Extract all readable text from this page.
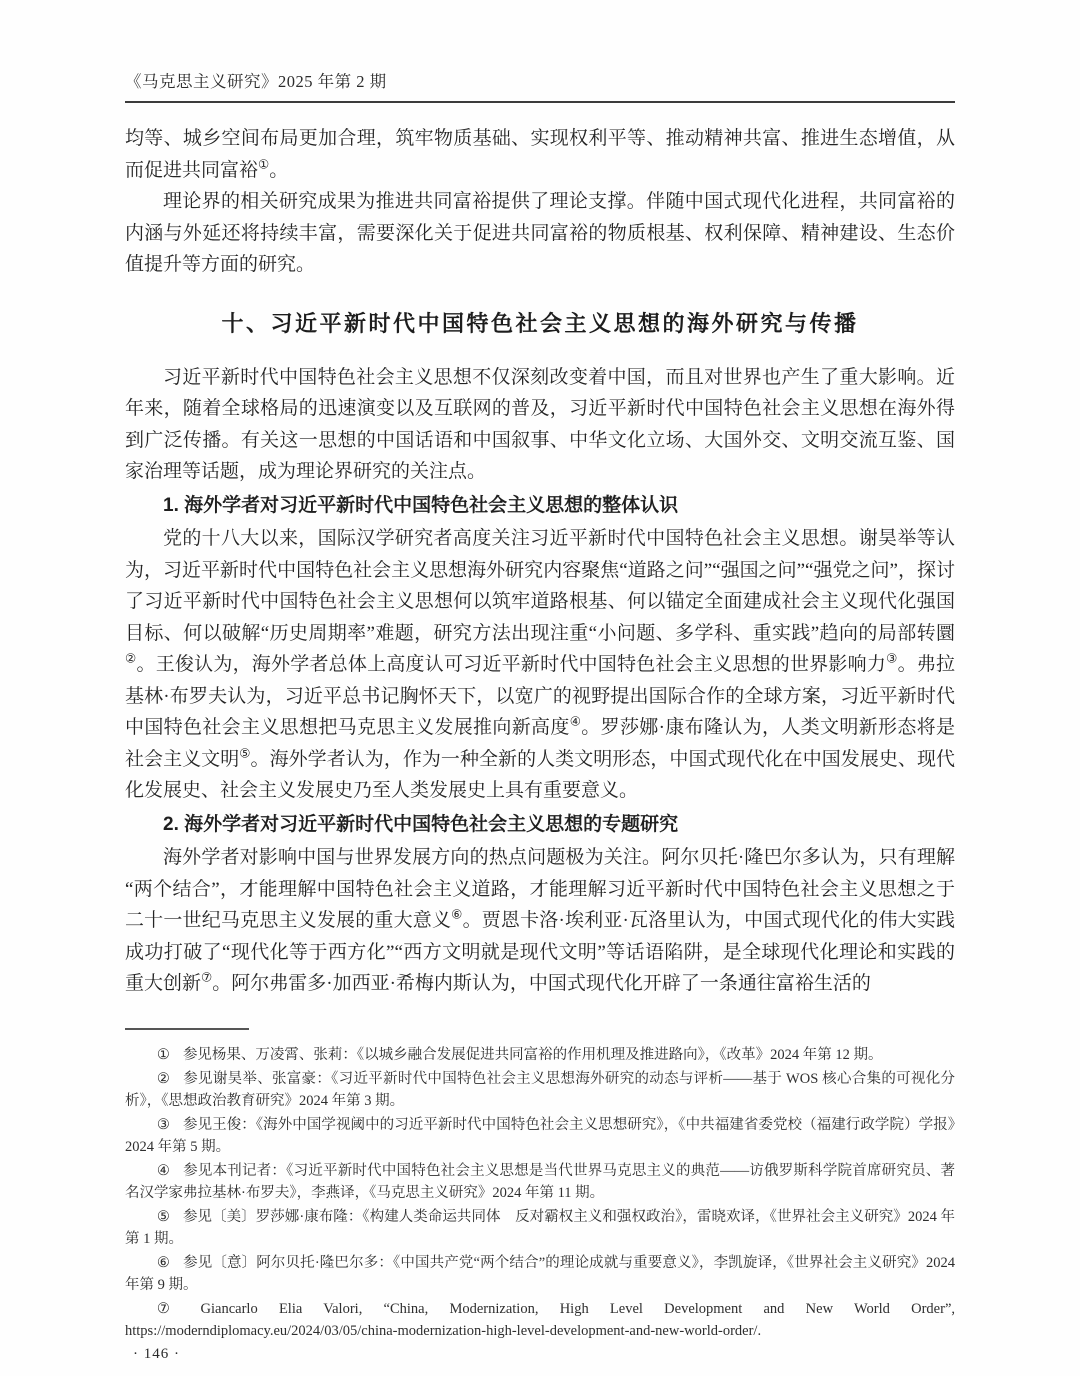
《马克思主义研究》2025 年第 2 期

均等、城乡空间布局更加合理，筑牢物质基础、实现权利平等、推动精神共富、推进生态增值，从而促进共同富裕①。

理论界的相关研究成果为推进共同富裕提供了理论支撑。伴随中国式现代化进程，共同富裕的内涵与外延还将持续丰富，需要深化关于促进共同富裕的物质根基、权利保障、精神建设、生态价值提升等方面的研究。

十、习近平新时代中国特色社会主义思想的海外研究与传播

习近平新时代中国特色社会主义思想不仅深刻改变着中国，而且对世界也产生了重大影响。近年来，随着全球格局的迅速演变以及互联网的普及，习近平新时代中国特色社会主义思想在海外得到广泛传播。有关这一思想的中国话语和中国叙事、中华文化立场、大国外交、文明交流互鉴、国家治理等话题，成为理论界研究的关注点。

1. 海外学者对习近平新时代中国特色社会主义思想的整体认识

党的十八大以来，国际汉学研究者高度关注习近平新时代中国特色社会主义思想。谢昊举等认为，习近平新时代中国特色社会主义思想海外研究内容聚焦“道路之问”“强国之问”“强党之问”，探讨了习近平新时代中国特色社会主义思想何以筑牢道路根基、何以锚定全面建成社会主义现代化强国目标、何以破解“历史周期率”难题，研究方法出现注重“小问题、多学科、重实践”趋向的局部转圜②。王俊认为，海外学者总体上高度认可习近平新时代中国特色社会主义思想的世界影响力③。弗拉基林·布罗夫认为，习近平总书记胸怀天下，以宽广的视野提出国际合作的全球方案，习近平新时代中国特色社会主义思想把马克思主义发展推向新高度④。罗莎娜·康布隆认为，人类文明新形态将是社会主义文明⑤。海外学者认为，作为一种全新的人类文明形态，中国式现代化在中国发展史、现代化发展史、社会主义发展史乃至人类发展史上具有重要意义。

2. 海外学者对习近平新时代中国特色社会主义思想的专题研究

海外学者对影响中国与世界发展方向的热点问题极为关注。阿尔贝托·隆巴尔多认为，只有理解“两个结合”，才能理解中国特色社会主义道路，才能理解习近平新时代中国特色社会主义思想之于二十一世纪马克思主义发展的重大意义⑥。贾恩卡洛·埃利亚·瓦洛里认为，中国式现代化的伟大实践成功打破了“现代化等于西方化”“西方文明就是现代文明”等话语陷阱，是全球现代化理论和实践的重大创新⑦。阿尔弗雷多·加西亚·希梅内斯认为，中国式现代化开辟了一条通往富裕生活的

① 参见杨果、万凌霄、张莉：《以城乡融合发展促进共同富裕的作用机理及推进路向》，《改革》2024 年第 12 期。

② 参见谢昊举、张富豪：《习近平新时代中国特色社会主义思想海外研究的动态与评析——基于 WOS 核心合集的可视化分析》，《思想政治教育研究》2024 年第 3 期。

③ 参见王俊：《海外中国学视阈中的习近平新时代中国特色社会主义思想研究》，《中共福建省委党校（福建行政学院）学报》2024 年第 5 期。

④ 参见本刊记者：《习近平新时代中国特色社会主义思想是当代世界马克思主义的典范——访俄罗斯科学院首席研究员、著名汉学家弗拉基林·布罗夫》，李燕译，《马克思主义研究》2024 年第 11 期。

⑤ 参见〔美〕罗莎娜·康布隆：《构建人类命运共同体　反对霸权主义和强权政治》，雷晓欢译，《世界社会主义研究》2024 年第 1 期。

⑥ 参见〔意〕阿尔贝托·隆巴尔多：《中国共产党“两个结合”的理论成就与重要意义》，李凯旋译，《世界社会主义研究》2024 年第 9 期。

⑦ Giancarlo Elia Valori, “China, Modernization, High Level Development and New World Order”, https://moderndiplomacy.eu/2024/03/05/china-modernization-high-level-development-and-new-world-order/.

· 146 ·
